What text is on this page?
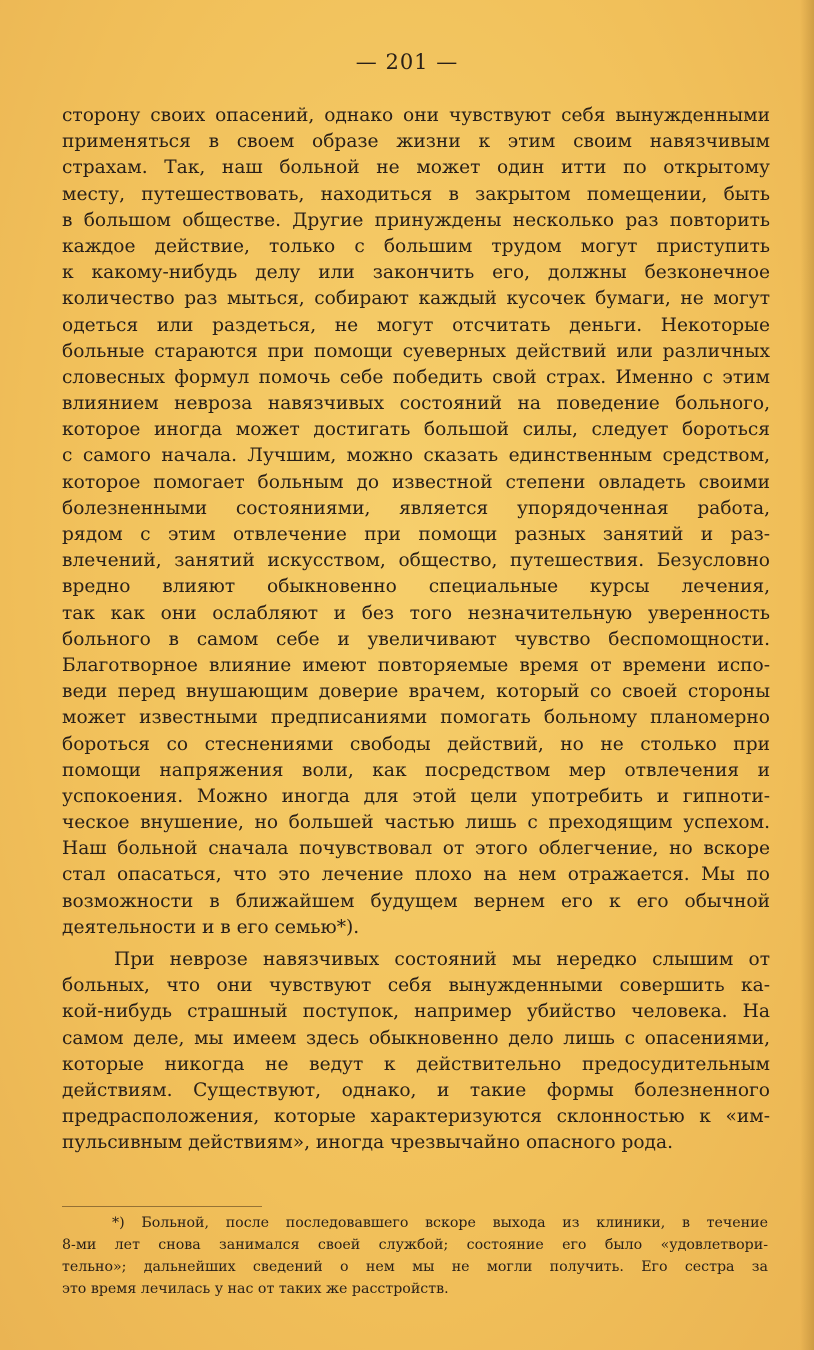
— 201 —
сторону своих опасений, однако они чувствуют себя вынужденными
применяться в своем образе жизни к этим своим навязчивым
страхам. Так, наш больной не может один итти по открытому
месту, путешествовать, находиться в закрытом помещении, быть
в большом обществе. Другие принуждены несколько раз повторить
каждое действие, только с большим трудом могут приступить
к какому-нибудь делу или закончить его, должны безконечное
количество раз мыться, собирают каждый кусочек бумаги, не могут
одеться или раздеться, не могут отсчитать деньги. Некоторые
больные стараются при помощи суеверных действий или различных
словесных формул помочь себе победить свой страх. Именно с этим
влиянием невроза навязчивых состояний на поведение больного,
которое иногда может достигать большой силы, следует бороться
с самого начала. Лучшим, можно сказать единственным средством,
которое помогает больным до известной степени овладеть своими
болезненными состояниями, является упорядоченная работа,
рядом с этим отвлечение при помощи разных занятий и раз-
влечений, занятий искусством, общество, путешествия. Безусловно
вредно влияют обыкновенно специальные курсы лечения,
так как они ослабляют и без того незначительную уверенность
больного в самом себе и увеличивают чувство беспомощности.
Благотворное влияние имеют повторяемые время от времени испо-
веди перед внушающим доверие врачем, который со своей стороны
может известными предписаниями помогать больному планомерно
бороться со стеснениями свободы действий, но не столько при
помощи напряжения воли, как посредством мер отвлечения и
успокоения. Можно иногда для этой цели употребить и гипноти-
ческое внушение, но большей частью лишь с преходящим успехом.
Наш больной сначала почувствовал от этого облегчение, но вскоре
стал опасаться, что это лечение плохо на нем отражается. Мы по
возможности в ближайшем будущем вернем его к его обычной
деятельности и в его семью*).
При неврозе навязчивых состояний мы нередко слышим от
больных, что они чувствуют себя вынужденными совершить ка-
кой-нибудь страшный поступок, например убийство человека. На
самом деле, мы имеем здесь обыкновенно дело лишь с опасениями,
которые никогда не ведут к действительно предосудительным
действиям. Существуют, однако, и такие формы болезненного
предрасположения, которые характеризуются склонностью к «им-
пульсивным действиям», иногда чрезвычайно опасного рода.
*) Больной, после последовавшего вскоре выхода из клиники, в течение
8-ми лет снова занимался своей службой; состояние его было «удовлетвори-
тельно»; дальнейших сведений о нем мы не могли получить. Его сестра за
это время лечилась у нас от таких же расстройств.
